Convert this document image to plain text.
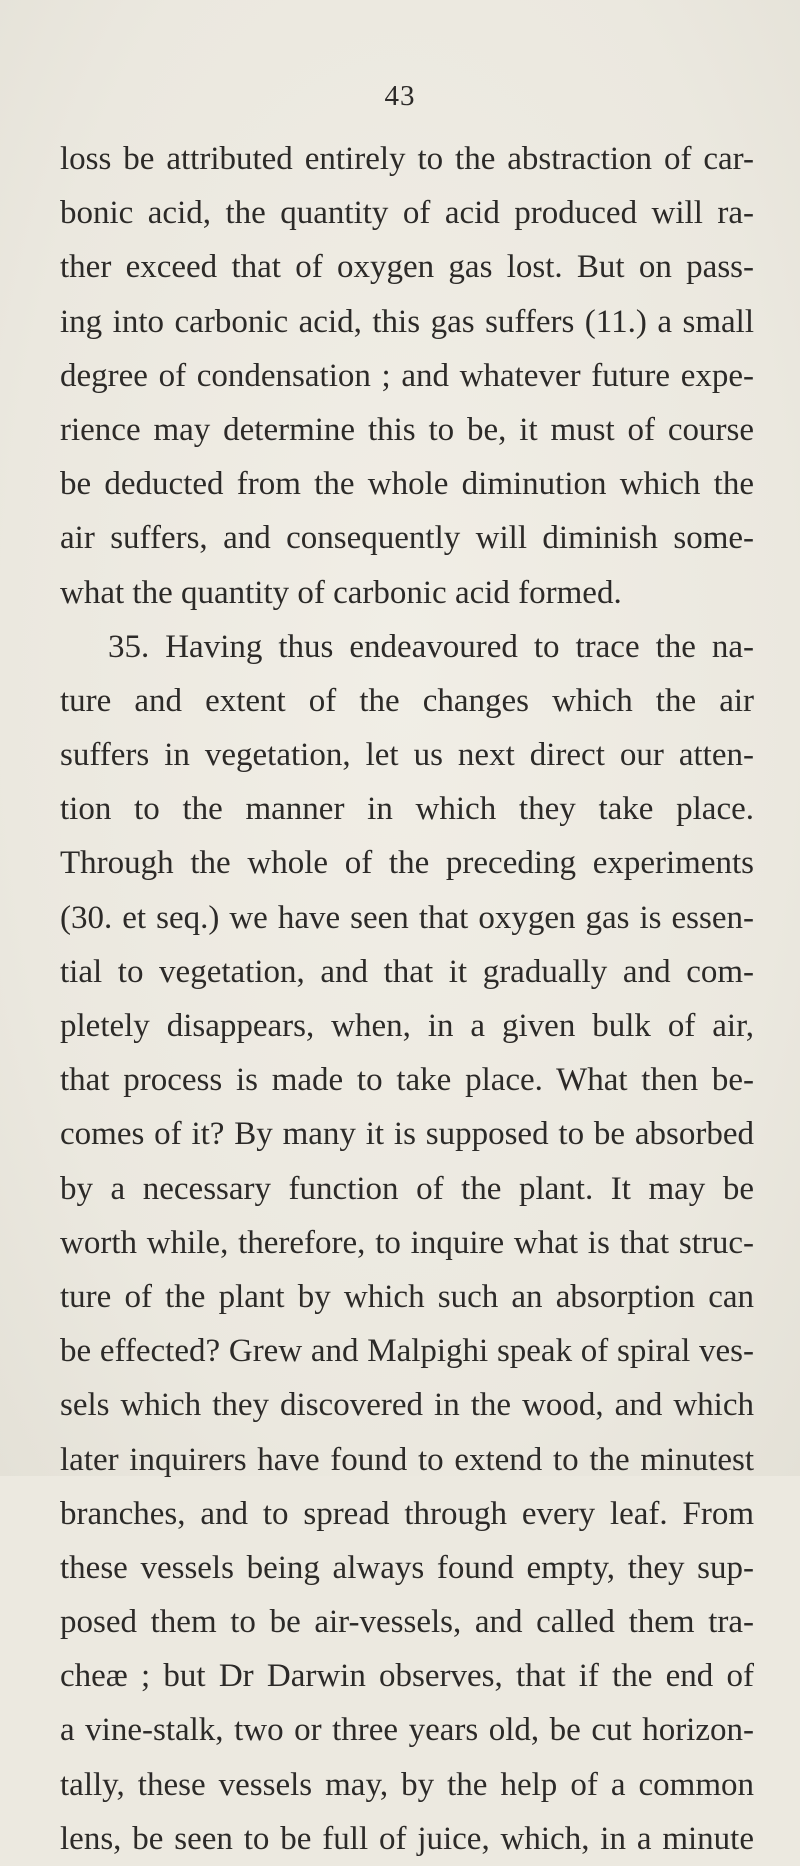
43
loss be attributed entirely to the abstraction of car-
bonic acid, the quantity of acid produced will ra-
ther exceed that of oxygen gas lost. But on pass-
ing into carbonic acid, this gas suffers (11.) a small
degree of condensation ; and whatever future expe-
rience may determine this to be, it must of course
be deducted from the whole diminution which the
air suffers, and consequently will diminish some-
what the quantity of carbonic acid formed.
35. Having thus endeavoured to trace the na-
ture and extent of the changes which the air
suffers in vegetation, let us next direct our atten-
tion to the manner in which they take place.
Through the whole of the preceding experiments
(30. et seq.) we have seen that oxygen gas is essen-
tial to vegetation, and that it gradually and com-
pletely disappears, when, in a given bulk of air,
that process is made to take place. What then be-
comes of it? By many it is supposed to be absorbed
by a necessary function of the plant. It may be
worth while, therefore, to inquire what is that struc-
ture of the plant by which such an absorption can
be effected? Grew and Malpighi speak of spiral ves-
sels which they discovered in the wood, and which
later inquirers have found to extend to the minutest
branches, and to spread through every leaf. From
these vessels being always found empty, they sup-
posed them to be air-vessels, and called them tra-
cheæ ; but Dr Darwin observes, that if the end of
a vine-stalk, two or three years old, be cut horizon-
tally, these vessels may, by the help of a common
lens, be seen to be full of juice, which, in a minute
